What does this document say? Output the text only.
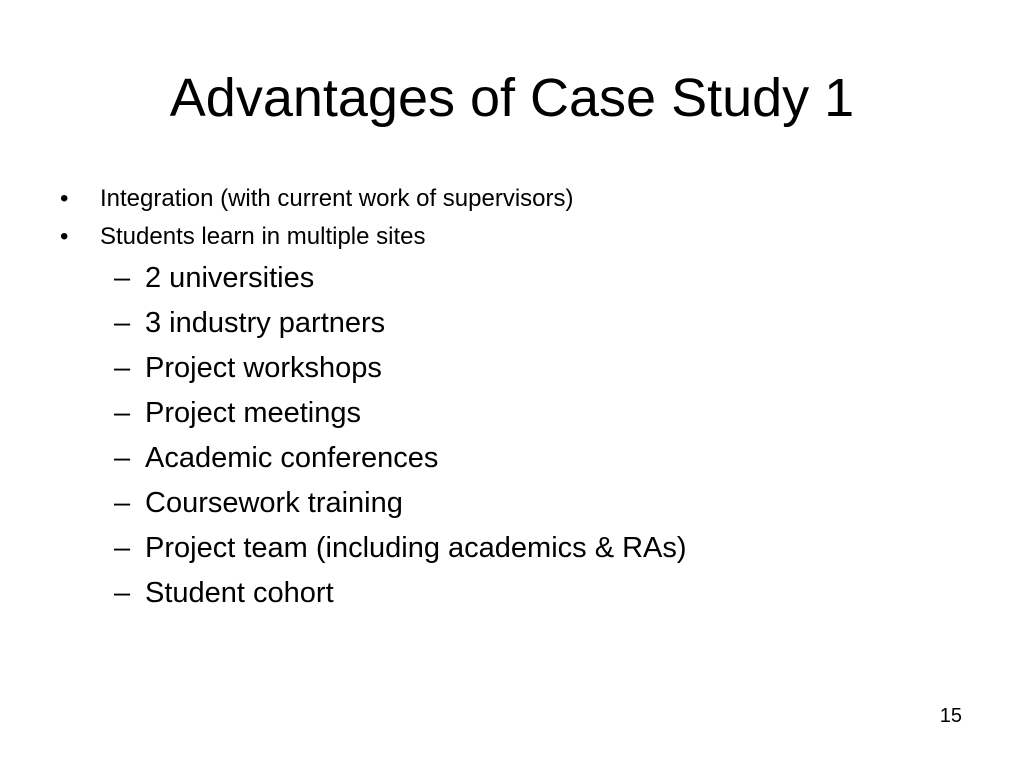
Advantages of Case Study 1
•	Integration (with current work of supervisors)
•	Students learn in multiple sites
– 2 universities
– 3 industry partners
– Project workshops
– Project meetings
– Academic conferences
– Coursework training
– Project team (including academics & RAs)
– Student cohort
15
